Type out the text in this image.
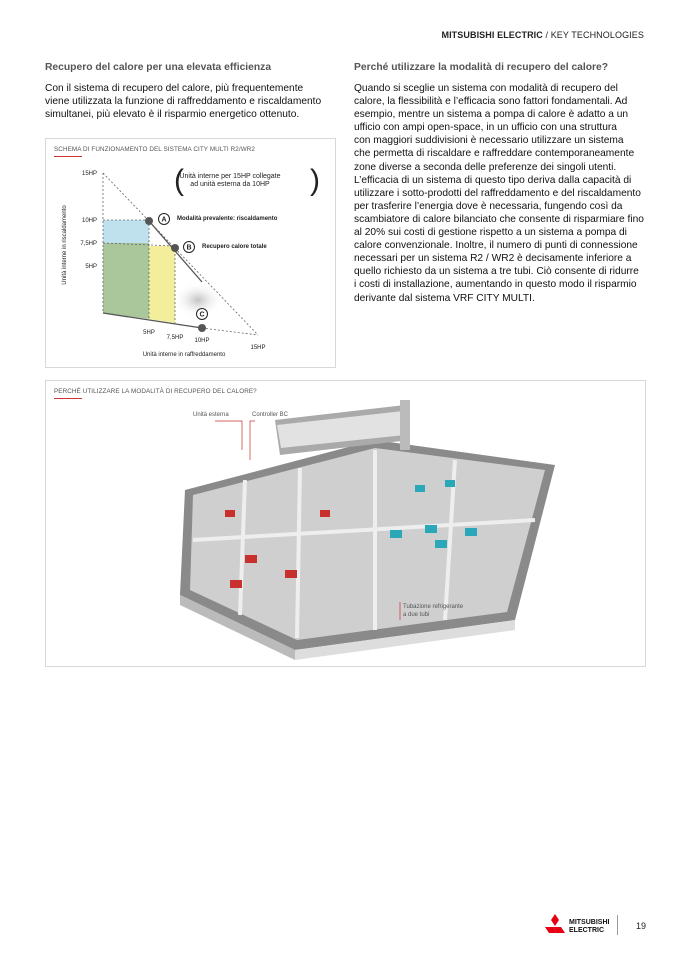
MITSUBISHI ELECTRIC / KEY TECHNOLOGIES
Recupero del calore per una elevata efficienza
Con il sistema di recupero del calore, più frequentemente
viene utilizzata la funzione di raffreddamento e riscaldamento
simultanei, più elevato è il risparmio energetico ottenuto.
Perché utilizzare la modalità di recupero del calore?
Quando si sceglie un sistema con modalità di recupero del
calore, la flessibilità e l’efficacia sono fattori fondamentali. Ad
esempio, mentre un sistema a pompa di calore è adatto a un
ufficio con ampi open-space, in un ufficio con una struttura
con maggiori suddivisioni è necessario utilizzare un sistema
che permetta di riscaldare e raffreddare contemporaneamente
zone diverse a seconda delle preferenze dei singoli utenti.
L’efficacia di un sistema di questo tipo deriva dalla capacità di
utilizzare i sotto-prodotti del raffreddamento e del riscaldamento
per trasferire l’energia dove è necessaria, fungendo così da
scambiatore di calore bilanciato che consente di risparmiare fino
al 20% sui costi di gestione rispetto a un sistema a pompa di
calore convenzionale. Inoltre, il numero di punti di connessione
necessari per un sistema R2 / WR2 è decisamente inferiore a
quello richiesto da un sistema a tre tubi. Ciò consente di ridurre
i costi di installazione, aumentando in questo modo il risparmio
derivante dal sistema VRF CITY MULTI.
SCHEMA DI FUNZIONAMENTO DEL SISTEMA CITY MULTI R2/WR2
15HP
10HP
7,5HP
5HP
5HP
7,5HP 10HP
15HP
Unità interne in raffreddamento
Unità interne in riscaldamento
Unità interne per 15HP collegate
ad unità esterna da 10HP
(	)
A Modalità prevalente: riscaldamento
B Recupero calore totale
C
PERCHÉ UTILIZZARE LA MODALITÀ DI RECUPERO DEL CALORE?
Unità esterna	Controller BC
Tubazione refrigerante
a due tubi
MITSUBISHI
ELECTRIC	19
